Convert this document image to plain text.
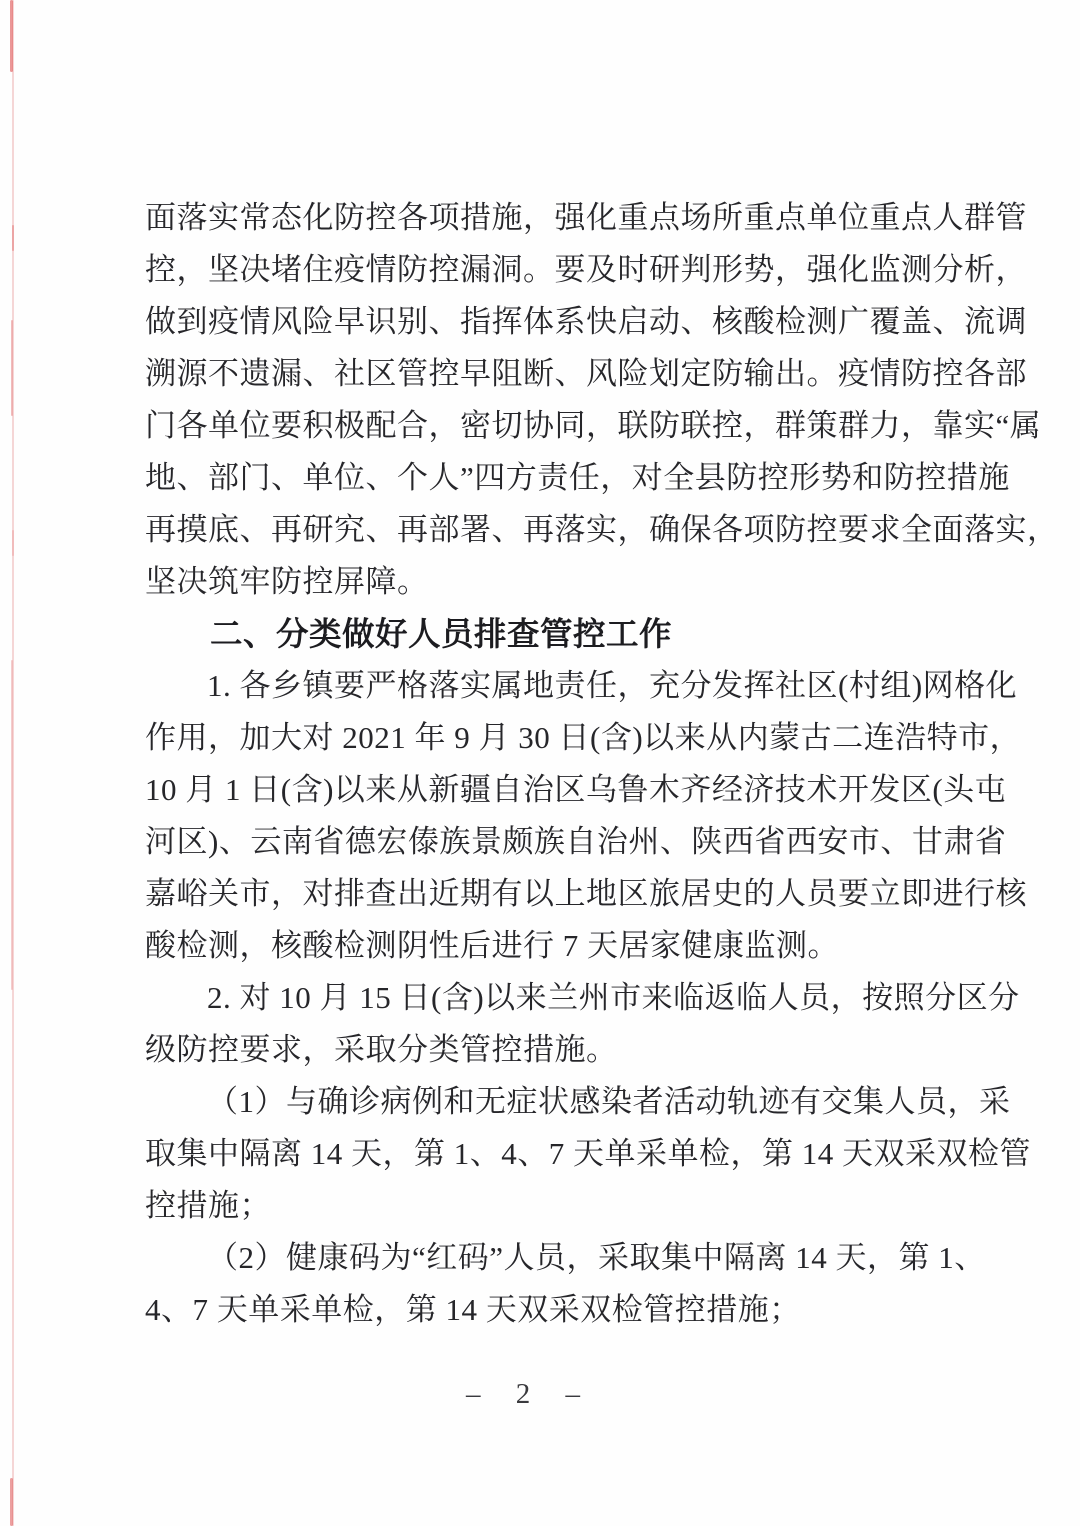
面落实常态化防控各项措施，强化重点场所重点单位重点人群管
控，坚决堵住疫情防控漏洞。要及时研判形势，强化监测分析，
做到疫情风险早识别、指挥体系快启动、核酸检测广覆盖、流调
溯源不遗漏、社区管控早阻断、风险划定防输出。疫情防控各部
门各单位要积极配合，密切协同，联防联控，群策群力，靠实“属
地、部门、单位、个人”四方责任，对全县防控形势和防控措施
再摸底、再研究、再部署、再落实，确保各项防控要求全面落实，
坚决筑牢防控屏障。
二、分类做好人员排查管控工作
1. 各乡镇要严格落实属地责任，充分发挥社区(村组)网格化
作用，加大对 2021 年 9 月 30 日(含)以来从内蒙古二连浩特市，
10 月 1 日(含)以来从新疆自治区乌鲁木齐经济技术开发区(头屯
河区)、云南省德宏傣族景颇族自治州、陕西省西安市、甘肃省
嘉峪关市，对排查出近期有以上地区旅居史的人员要立即进行核
酸检测，核酸检测阴性后进行 7 天居家健康监测。
2. 对 10 月 15 日(含)以来兰州市来临返临人员，按照分区分
级防控要求，采取分类管控措施。
（1）与确诊病例和无症状感染者活动轨迹有交集人员，采
取集中隔离 14 天，第 1、4、7 天单采单检，第 14 天双采双检管
控措施；
（2）健康码为“红码”人员，采取集中隔离 14 天，第 1、
4、7 天单采单检，第 14 天双采双检管控措施；
– 2 –
